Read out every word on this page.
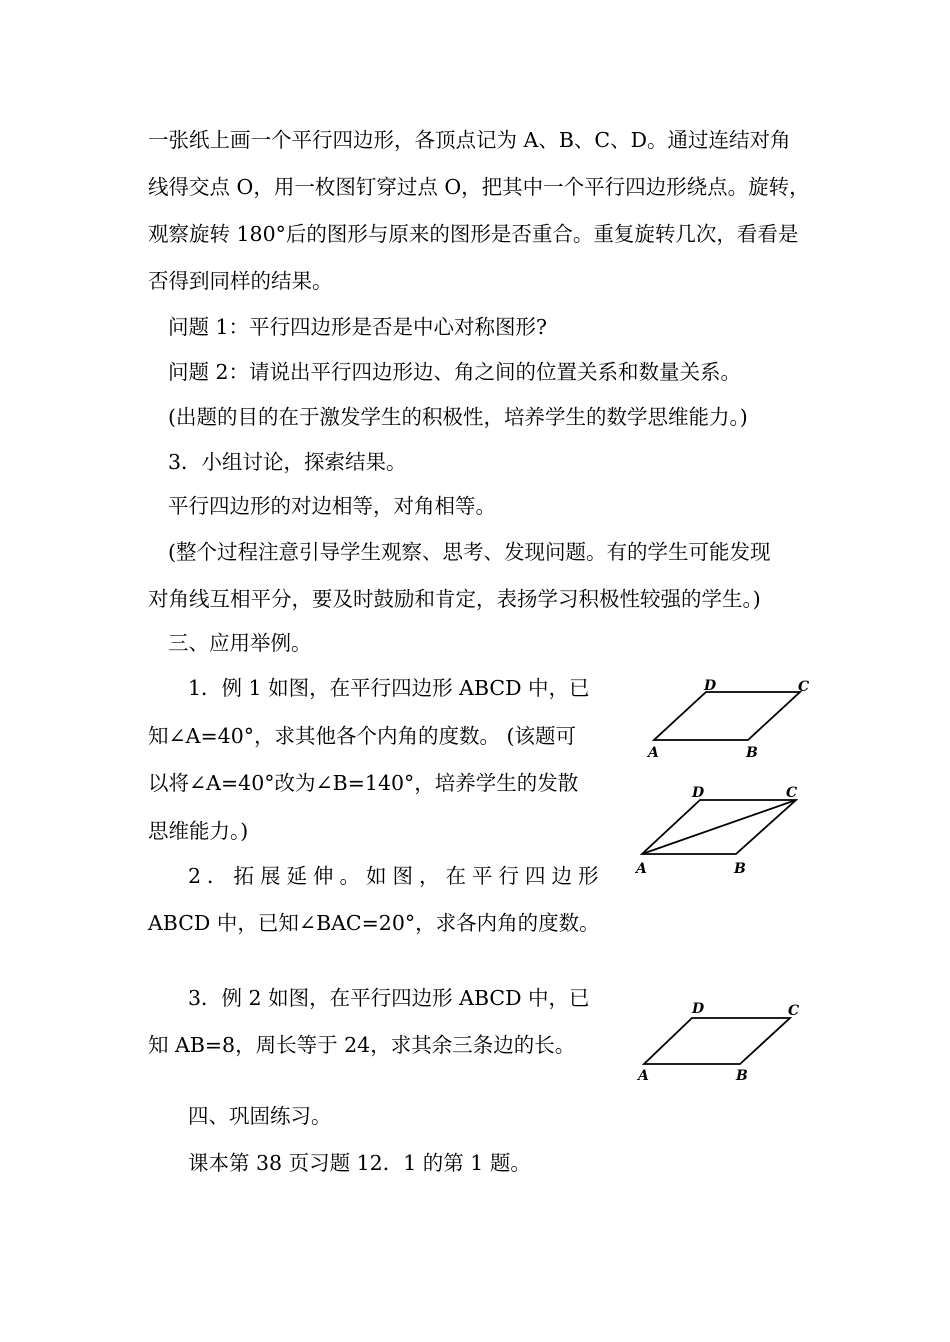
一张纸上画一个平行四边形，各顶点记为 A、B、C、D。通过连结对角
线得交点 O，用一枚图钉穿过点 O，把其中一个平行四边形绕点。旋转，
观察旋转 180°后的图形与原来的图形是否重合。重复旋转几次，看看是
否得到同样的结果。
问题 1：平行四边形是否是中心对称图形?
问题 2：请说出平行四边形边、角之间的位置关系和数量关系。
(出题的目的在于激发学生的积极性，培养学生的数学思维能力。)
3．小组讨论，探索结果。
平行四边形的对边相等，对角相等。
(整个过程注意引导学生观察、思考、发现问题。有的学生可能发现
对角线互相平分，要及时鼓励和肯定，表扬学习积极性较强的学生。)
三、应用举例。
1．例 1 如图，在平行四边形 ABCD 中，已
知∠A=40°，求其他各个内角的度数。 (该题可
以将∠A=40°改为∠B=140°，培养学生的发散
思维能力。)
2．拓展延伸。如图，在平行四边形
ABCD 中，已知∠BAC=20°，求各内角的度数。
3．例 2 如图，在平行四边形 ABCD 中，已
知 AB=8，周长等于 24，求其余三条边的长。
四、巩固练习。
课本第 38 页习题 12．1 的第 1 题。
A	B
C
D
A	B
C
D
A	B
C
D
